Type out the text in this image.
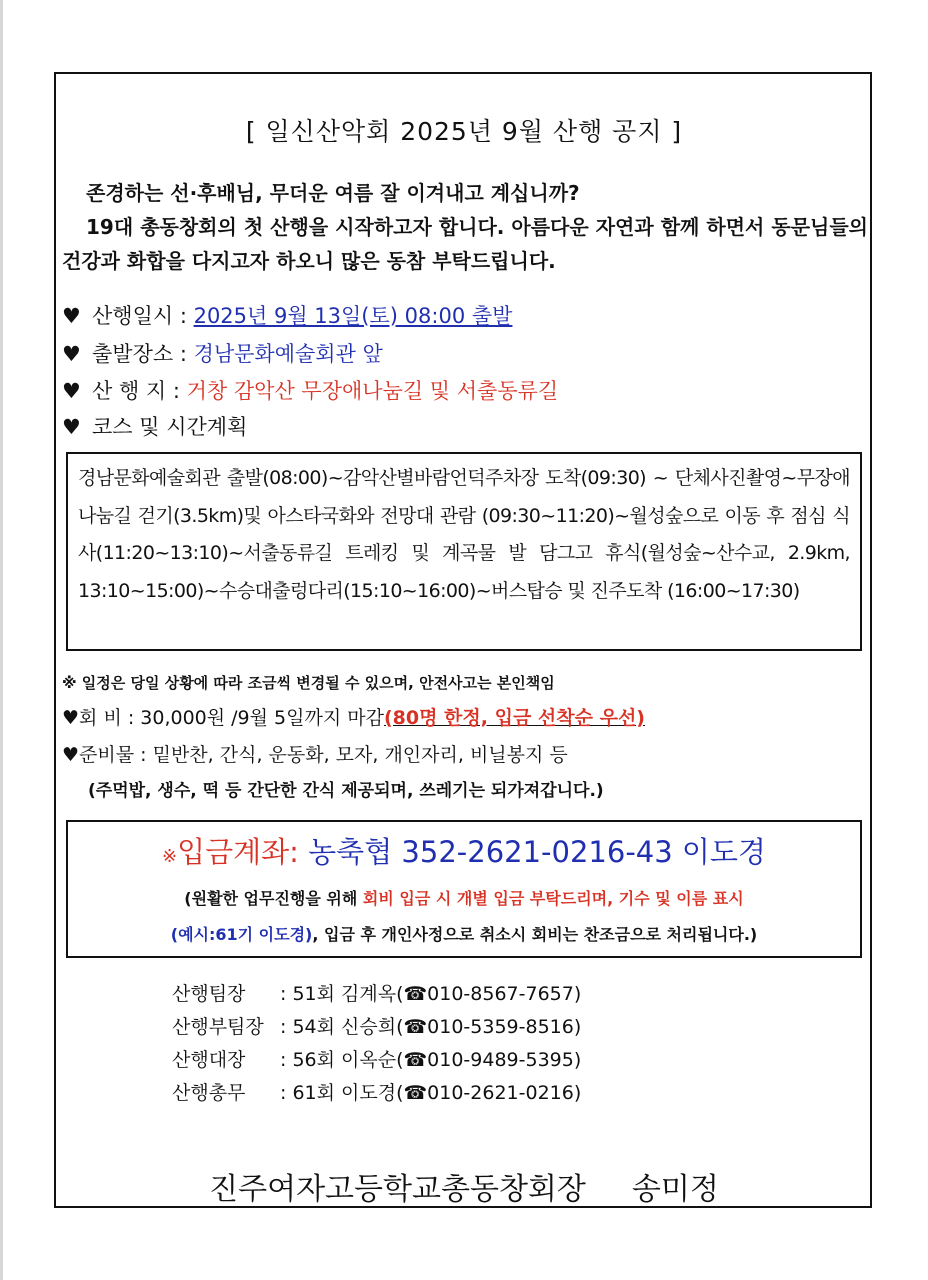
[ 일신산악회 2025년 9월 산행 공지 ]
존경하는 선·후배님, 무더운 여름 잘 이겨내고 계십니까?
19대 총동창회의 첫 산행을 시작하고자 합니다. 아름다운 자연과 함께 하면서 동문님들의 건강과 화합을 다지고자 하오니 많은 동참 부탁드립니다.
♥ 산행일시 : 2025년 9월 13일(토) 08:00 출발
♥ 출발장소 : 경남문화예술회관 앞
♥ 산 행 지 : 거창 감악산 무장애나눔길 및 서출동류길
♥ 코스 및 시간계획
경남문화예술회관 출발(08:00)~감악산별바람언덕주차장 도착(09:30) ~ 단체사진촬영~무장애나눔길 걷기(3.5km)및 아스타국화와 전망대 관람 (09:30~11:20)~월성숲으로 이동 후 점심 식사(11:20~13:10)~서출동류길 트레킹 및 계곡물 발 담그고 휴식(월성숲~산수교, 2.9km, 13:10~15:00)~수승대출렁다리(15:10~16:00)~버스탑승 및 진주도착 (16:00~17:30)
※ 일정은 당일 상황에 따라 조금씩 변경될 수 있으며, 안전사고는 본인책임
♥회 비 : 30,000원 /9월 5일까지 마감(80명 한정, 입금 선착순 우선)
♥준비물 : 밑반찬, 간식, 운동화, 모자, 개인자리, 비닐봉지 등
(주먹밥, 생수, 떡 등 간단한 간식 제공되며, 쓰레기는 되가져갑니다.)
※입금계좌: 농축협 352-2621-0216-43 이도경
(원활한 업무진행을 위해 회비 입금 시 개별 입금 부탁드리며, 기수 및 이름 표시
(예시:61기 이도경), 입금 후 개인사정으로 취소시 회비는 찬조금으로 처리됩니다.)
산행팀장 : 51회 김계옥(☎010-8567-7657)
산행부팀장 : 54회 신승희(☎010-5359-8516)
산행대장 : 56회 이옥순(☎010-9489-5395)
산행총무 : 61회 이도경(☎010-2621-0216)
진주여자고등학교총동창회장 송미정
